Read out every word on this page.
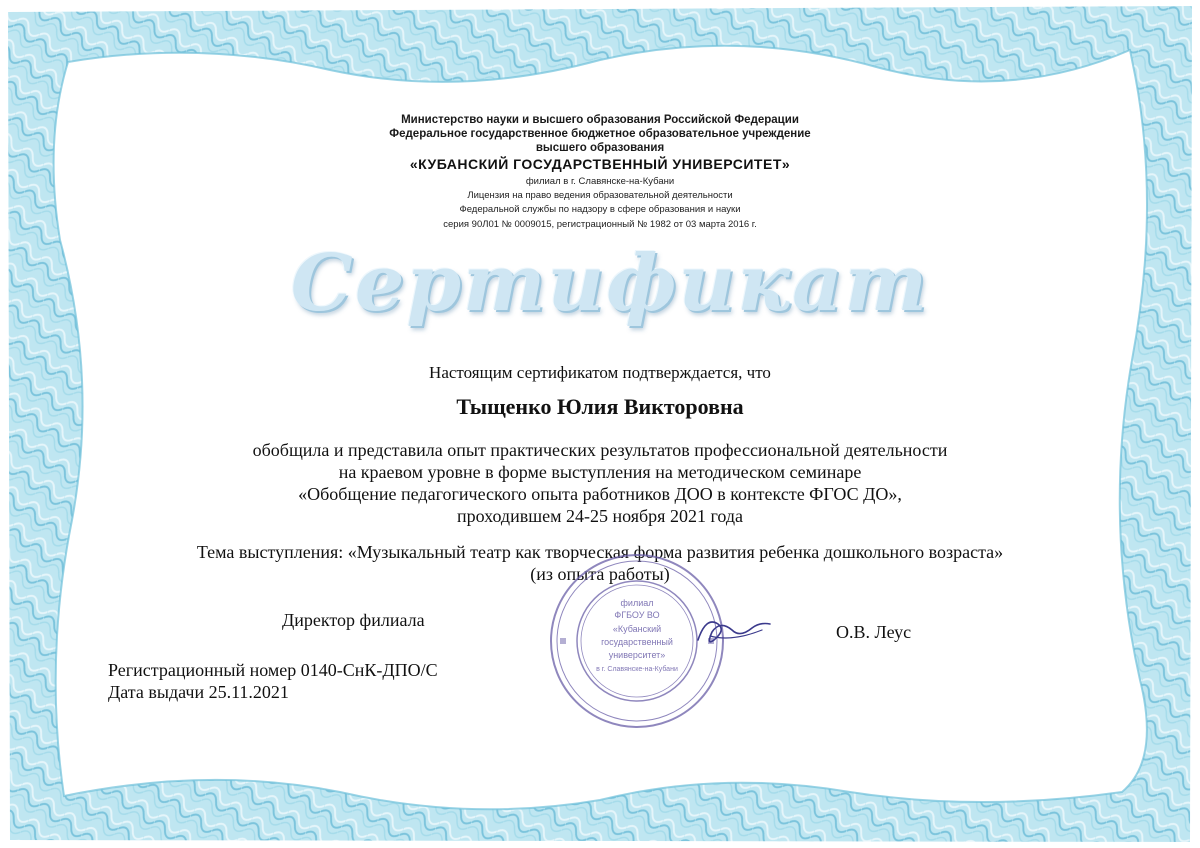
Министерство науки и высшего образования Российской Федерации
Федеральное государственное бюджетное образовательное учреждение
высшего образования
«КУБАНСКИЙ ГОСУДАРСТВЕННЫЙ УНИВЕРСИТЕТ»
филиал в г. Славянске-на-Кубани
Лицензия на право ведения образовательной деятельности
Федеральной службы по надзору в сфере образования и науки
серия 90Л01 № 0009015, регистрационный № 1982 от 03 марта 2016 г.
Сертификат
Настоящим сертификатом подтверждается, что
Тыщенко Юлия Викторовна
обобщила и представила опыт практических результатов профессиональной деятельности
на краевом уровне в форме выступления на методическом семинаре
«Обобщение педагогического опыта работников ДОО в контексте ФГОС ДО»,
проходившем 24-25 ноября 2021 года
Тема выступления: «Музыкальный театр как творческая форма развития ребенка дошкольного возраста»
(из опыта работы)
Директор филиала
О.В. Леус
Регистрационный номер 0140-СнК-ДПО/С
Дата выдачи 25.11.2021
филиал
ФГБОУ ВО
«Кубанский
государственный
университет»
в г. Славянске-на-Кубани
